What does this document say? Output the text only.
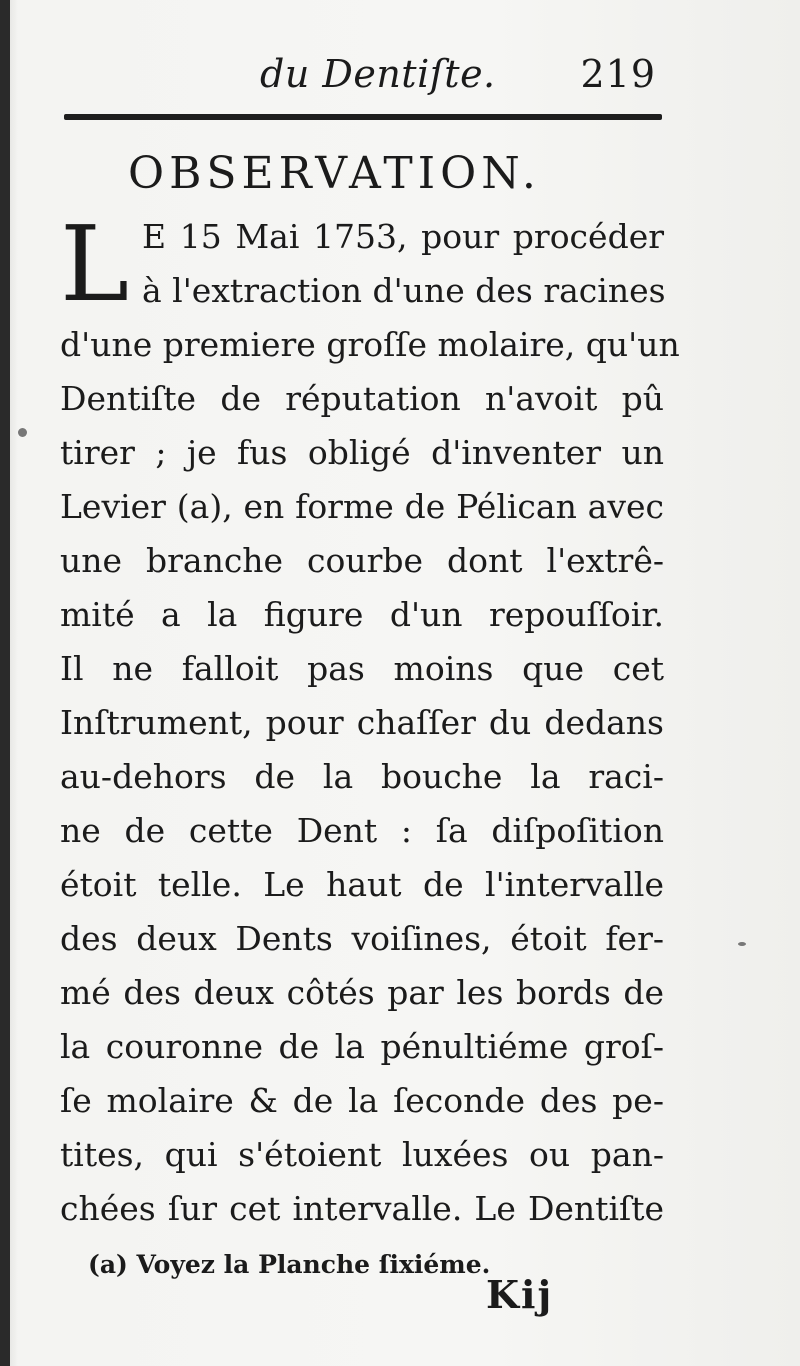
du Dentiſte. 219
OBSERVATION.
L E 15 Mai 1753, pour procéder
à l'extraction d'une des racines
d'une premiere groſſe molaire, qu'un
Dentiſte de réputation n'avoit pû
tirer ; je fus obligé d'inventer un
Levier (a), en forme de Pélican avec
une branche courbe dont l'extrê-
mité a la figure d'un repouſſoir.
Il ne falloit pas moins que cet
Inſtrument, pour chaſſer du dedans
au-dehors de la bouche la raci-
ne de cette Dent : ſa diſpoſition
étoit telle. Le haut de l'intervalle
des deux Dents voiſines, étoit fer-
mé des deux côtés par les bords de
la couronne de la pénultiéme groſ-
ſe molaire & de la ſeconde des pe-
tites, qui s'étoient luxées ou pan-
chées ſur cet intervalle. Le Dentiſte
(a) Voyez la Planche ſixiéme.
Kij
